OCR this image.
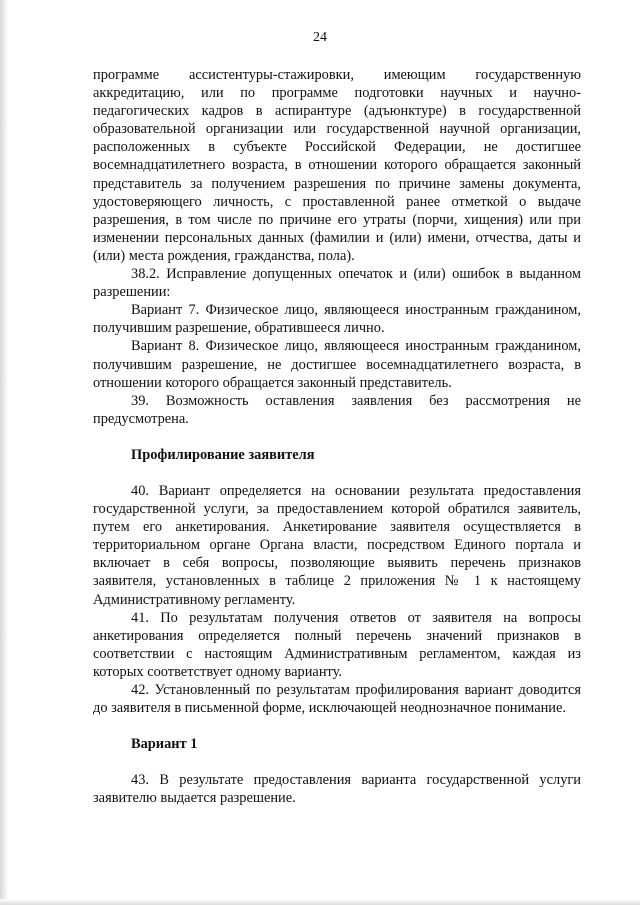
24

программе ассистентуры-стажировки, имеющим государственную аккредитацию, или по программе подготовки научных и научно-педагогических кадров в аспирантуре (адъюнктуре) в государственной образовательной организации или государственной научной организации, расположенных в субъекте Российской Федерации, не достигшее восемнадцатилетнего возраста, в отношении которого обращается законный представитель за получением разрешения по причине замены документа, удостоверяющего личность, с проставленной ранее отметкой о выдаче разрешения, в том числе по причине его утраты (порчи, хищения) или при изменении персональных данных (фамилии и (или) имени, отчества, даты и (или) места рождения, гражданства, пола).

38.2. Исправление допущенных опечаток и (или) ошибок в выданном разрешении:

Вариант 7. Физическое лицо, являющееся иностранным гражданином, получившим разрешение, обратившееся лично.

Вариант 8. Физическое лицо, являющееся иностранным гражданином, получившим разрешение, не достигшее восемнадцатилетнего возраста, в отношении которого обращается законный представитель.

39. Возможность оставления заявления без рассмотрения не предусмотрена.

Профилирование заявителя

40. Вариант определяется на основании результата предоставления государственной услуги, за предоставлением которой обратился заявитель, путем его анкетирования. Анкетирование заявителя осуществляется в территориальном органе Органа власти, посредством Единого портала и включает в себя вопросы, позволяющие выявить перечень признаков заявителя, установленных в таблице 2 приложения № 1 к настоящему Административному регламенту.

41. По результатам получения ответов от заявителя на вопросы анкетирования определяется полный перечень значений признаков в соответствии с настоящим Административным регламентом, каждая из которых соответствует одному варианту.

42. Установленный по результатам профилирования вариант доводится до заявителя в письменной форме, исключающей неоднозначное понимание.

Вариант 1

43. В результате предоставления варианта государственной услуги заявителю выдается разрешение.
